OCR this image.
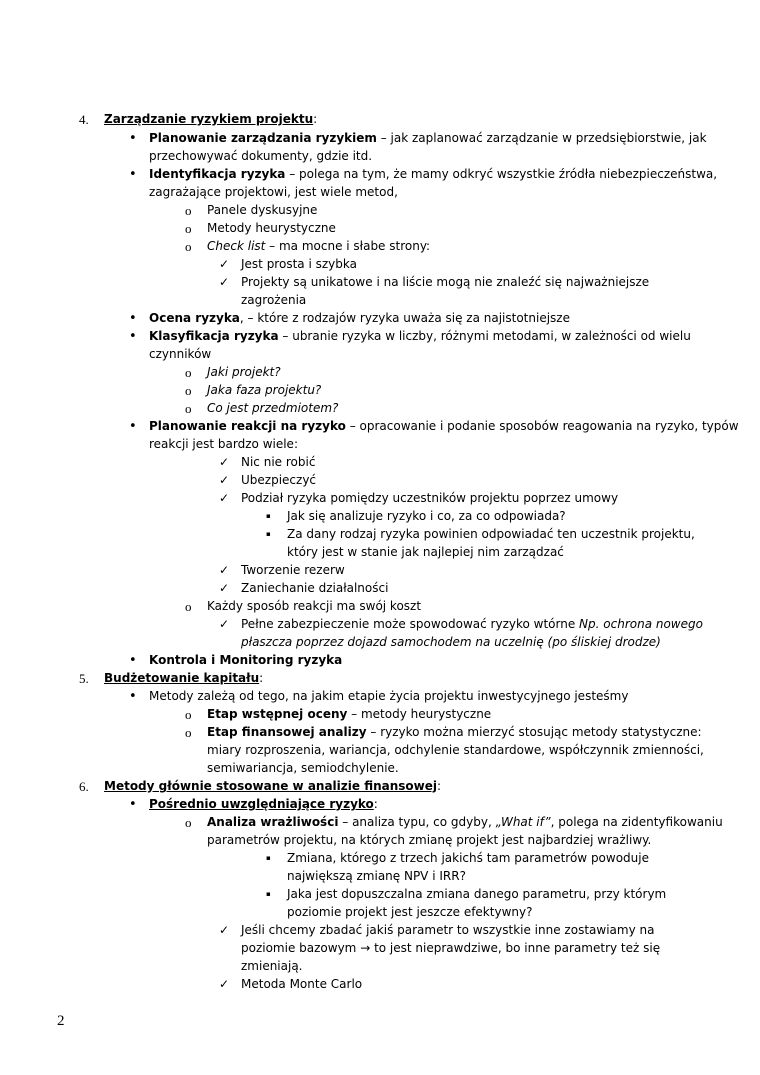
4. Zarządzanie ryzykiem projektu:
• Planowanie zarządzania ryzykiem – jak zaplanować zarządzanie w przedsiębiorstwie, jak
przechowywać dokumenty, gdzie itd.
• Identyfikacja ryzyka – polega na tym, że mamy odkryć wszystkie źródła niebezpieczeństwa,
zagrażające projektowi, jest wiele metod,
o Panele dyskusyjne
o Metody heurystyczne
o Check list – ma mocne i słabe strony:
✓ Jest prosta i szybka
✓ Projekty są unikatowe i na liście mogą nie znaleźć się najważniejsze
zagrożenia
• Ocena ryzyka, – które z rodzajów ryzyka uważa się za najistotniejsze
• Klasyfikacja ryzyka – ubranie ryzyka w liczby, różnymi metodami, w zależności od wielu
czynników
o Jaki projekt?
o Jaka faza projektu?
o Co jest przedmiotem?
• Planowanie reakcji na ryzyko – opracowanie i podanie sposobów reagowania na ryzyko, typów
reakcji jest bardzo wiele:
✓ Nic nie robić
✓ Ubezpieczyć
✓ Podział ryzyka pomiędzy uczestników projektu poprzez umowy
▪ Jak się analizuje ryzyko i co, za co odpowiada?
▪ Za dany rodzaj ryzyka powinien odpowiadać ten uczestnik projektu,
który jest w stanie jak najlepiej nim zarządzać
✓ Tworzenie rezerw
✓ Zaniechanie działalności
o Każdy sposób reakcji ma swój koszt
✓ Pełne zabezpieczenie może spowodować ryzyko wtórne Np. ochrona nowego
płaszcza poprzez dojazd samochodem na uczelnię (po śliskiej drodze)
• Kontrola i Monitoring ryzyka
5. Budżetowanie kapitału:
• Metody zależą od tego, na jakim etapie życia projektu inwestycyjnego jesteśmy
o Etap wstępnej oceny – metody heurystyczne
o Etap finansowej analizy – ryzyko można mierzyć stosując metody statystyczne:
miary rozproszenia, wariancja, odchylenie standardowe, współczynnik zmienności,
semiwariancja, semiodchylenie.
6. Metody głównie stosowane w analizie finansowej:
• Pośrednio uwzględniające ryzyko:
o Analiza wrażliwości – analiza typu, co gdyby, „What if”, polega na zidentyfikowaniu
parametrów projektu, na których zmianę projekt jest najbardziej wrażliwy.
▪ Zmiana, którego z trzech jakichś tam parametrów powoduje
największą zmianę NPV i IRR?
▪ Jaka jest dopuszczalna zmiana danego parametru, przy którym
poziomie projekt jest jeszcze efektywny?
✓ Jeśli chcemy zbadać jakiś parametr to wszystkie inne zostawiamy na
poziomie bazowym → to jest nieprawdziwe, bo inne parametry też się
zmieniają.
✓ Metoda Monte Carlo
2
